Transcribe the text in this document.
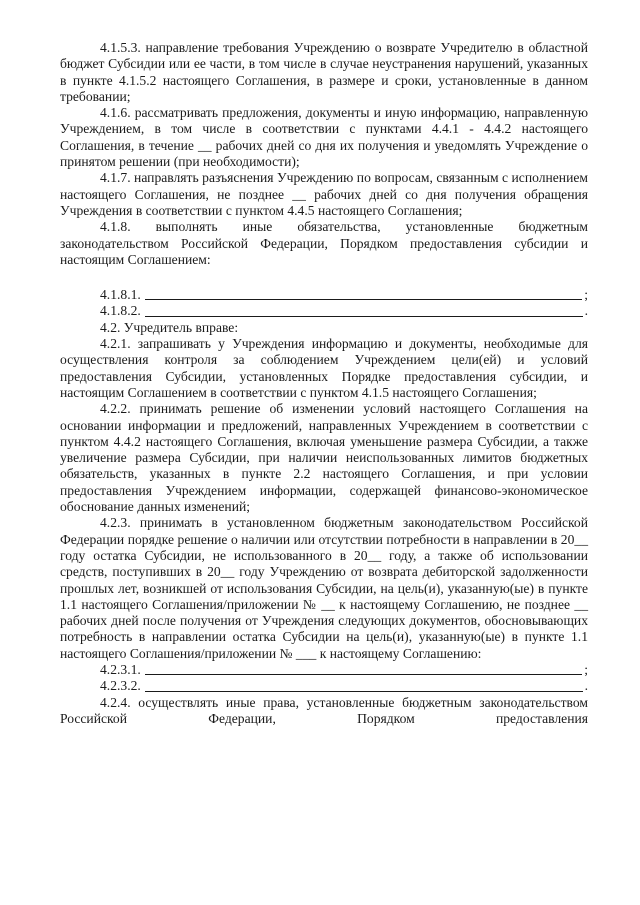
4.1.5.3. направление требования Учреждению о возврате Учредителю в областной бюджет Субсидии или ее части, в том числе в случае неустранения нарушений, указанных в пункте 4.1.5.2 настоящего Соглашения, в размере и сроки, установленные в данном требовании;

4.1.6. рассматривать предложения, документы и иную информацию, направленную Учреждением, в том числе в соответствии с пунктами 4.4.1 - 4.4.2 настоящего Соглашения, в течение __ рабочих дней со дня их получения и уведомлять Учреждение о принятом решении (при необходимости);

4.1.7. направлять разъяснения Учреждению по вопросам, связанным с исполнением настоящего Соглашения, не позднее __ рабочих дней со дня получения обращения Учреждения в соответствии с пунктом 4.4.5 настоящего Соглашения;

4.1.8. выполнять иные обязательства, установленные бюджетным законодательством Российской Федерации, Порядком предоставления субсидии и настоящим Соглашением:

4.1.8.1.	;
4.1.8.2.	.

4.2. Учредитель вправе:

4.2.1. запрашивать у Учреждения информацию и документы, необходимые для осуществления контроля за соблюдением Учреждением цели(ей) и условий предоставления Субсидии, установленных Порядке предоставления субсидии, и настоящим Соглашением в соответствии с пунктом 4.1.5 настоящего Соглашения;

4.2.2. принимать решение об изменении условий настоящего Соглашения на основании информации и предложений, направленных Учреждением в соответствии с пунктом 4.4.2 настоящего Соглашения, включая уменьшение размера Субсидии, а также увеличение размера Субсидии, при наличии неиспользованных лимитов бюджетных обязательств, указанных в пункте 2.2 настоящего Соглашения, и при условии предоставления Учреждением информации, содержащей финансово-экономическое обоснование данных изменений;

4.2.3. принимать в установленном бюджетным законодательством Российской Федерации порядке решение о наличии или отсутствии потребности в направлении в 20__ году остатка Субсидии, не использованного в 20__ году, а также об использовании средств, поступивших в 20__ году Учреждению от возврата дебиторской задолженности прошлых лет, возникшей от использования Субсидии, на цель(и), указанную(ые) в пункте 1.1 настоящего Соглашения/приложении № __ к настоящему Соглашению, не позднее __ рабочих дней после получения от Учреждения следующих документов, обосновывающих потребность в направлении остатка Субсидии на цель(и), указанную(ые) в пункте 1.1 настоящего Соглашения/приложении № ___ к настоящему Соглашению:

4.2.3.1.	;
4.2.3.2.	.

4.2.4. осуществлять иные права, установленные бюджетным законодательством Российской Федерации, Порядком предоставления
